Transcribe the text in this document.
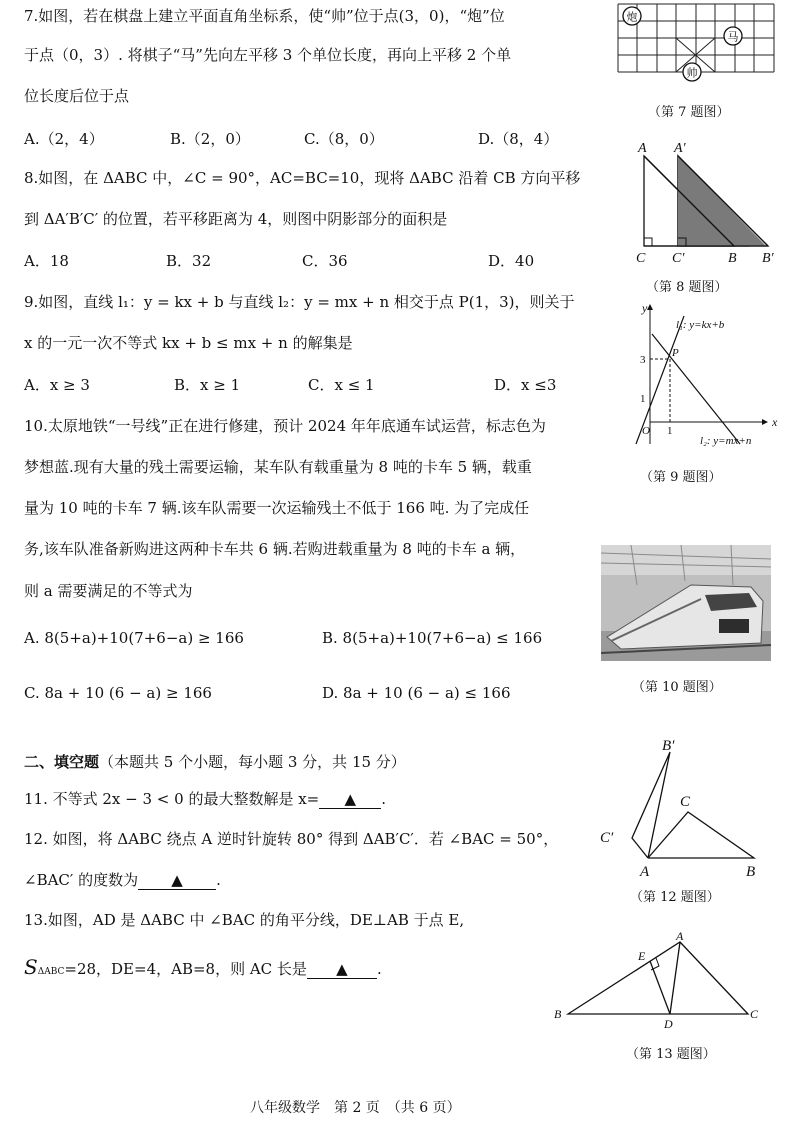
7.如图，若在棋盘上建立平面直角坐标系，使“帅”位于点(3，0)，“炮”位
于点（0，3）. 将棋子“马”先向左平移 3 个单位长度，再向上平移 2 个单
位长度后位于点
A.（2，4）	B.（2，0）	C.（8，0）	D.（8，4）
炮
马
帅
（第 7 题图）
8.如图，在 ΔABC 中，∠C = 90°，AC=BC=10，现将 ΔABC 沿着 CB 方向平移
到 ΔA′B′C′ 的位置，若平移距离为 4，则图中阴影部分的面积是
A．18	B．32	C．36	D．40
A A′
C C′	B B′
（第 8 题图）
9.如图，直线 l₁：y = kx + b 与直线 l₂：y = mx + n 相交于点 P(1，3)，则关于
x 的一元一次不等式 kx + b ≤ mx + n 的解集是
A．x ≥ 3	B．x ≥ 1	C．x ≤ 1	D．x ≤3
y
x
O
3
1
1
P
l₁: y=kx+b
l₂: y=mx+n
（第 9 题图）
10.太原地铁“一号线”正在进行修建，预计 2024 年年底通车试运营，标志色为
梦想蓝.现有大量的残土需要运输，某车队有载重量为 8 吨的卡车 5 辆，载重
量为 10 吨的卡车 7 辆.该车队需要一次运输残土不低于 166 吨. 为了完成任
务,该车队准备新购进这两种卡车共 6 辆.若购进载重量为 8 吨的卡车 a 辆，
则 a 需要满足的不等式为
A. 8(5+a)+10(7+6−a) ≥ 166	B. 8(5+a)+10(7+6−a) ≤ 166
C. 8a + 10 (6 − a) ≥ 166	D. 8a + 10 (6 − a) ≤ 166	（第 10 题图）
二、填空题（本题共 5 个小题，每小题 3 分，共 15 分）
11. 不等式 2x − 3 < 0 的最大整数解是 x= ▲ .
12. 如图，将 ΔABC 绕点 A 逆时针旋转 80° 得到 ΔAB′C′．若 ∠BAC = 50°，
∠BAC′ 的度数为 ▲ .
B′
C′
C
A	B
（第 12 题图）
13.如图，AD 是 ΔABC 中 ∠BAC 的角平分线，DE⊥AB 于点 E,
SΔABC=28，DE=4，AB=8，则 AC 长是 ▲ .
A
E
B
D
C
（第 13 题图）
八年级数学　第 2 页　（共 6 页）
